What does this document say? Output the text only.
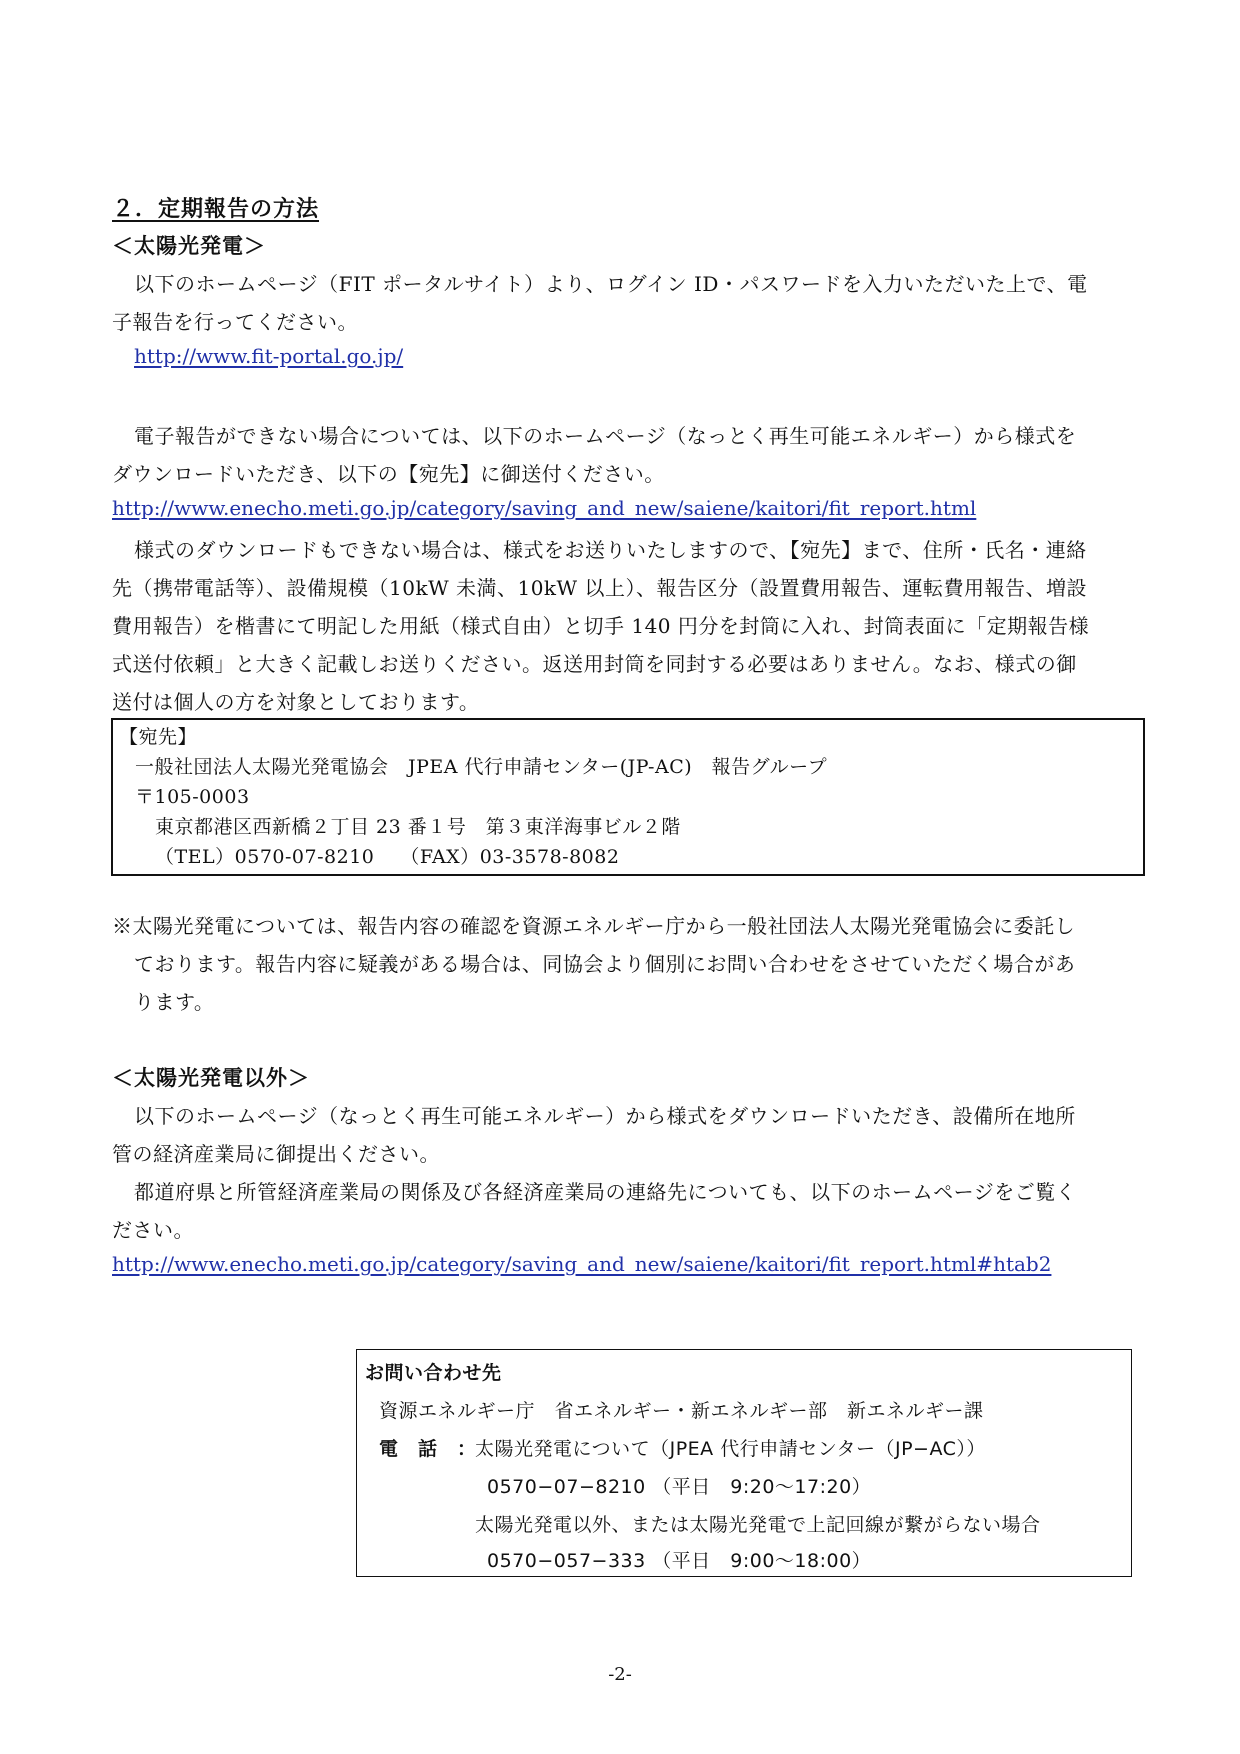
２．定期報告の方法
＜太陽光発電＞
以下のホームページ（FIT ポータルサイト）より、ログイン ID・パスワードを入力いただいた上で、電
子報告を行ってください。
http://www.fit-portal.go.jp/
電子報告ができない場合については、以下のホームページ（なっとく再生可能エネルギー）から様式を
ダウンロードいただき、以下の【宛先】に御送付ください。
http://www.enecho.meti.go.jp/category/saving_and_new/saiene/kaitori/fit_report.html
様式のダウンロードもできない場合は、様式をお送りいたしますので、【宛先】まで、住所・氏名・連絡
先（携帯電話等）、設備規模（10kW 未満、10kW 以上）、報告区分（設置費用報告、運転費用報告、増設
費用報告）を楷書にて明記した用紙（様式自由）と切手 140 円分を封筒に入れ、封筒表面に「定期報告様
式送付依頼」と大きく記載しお送りください。返送用封筒を同封する必要はありません。なお、様式の御
送付は個人の方を対象としております。
【宛先】
一般社団法人太陽光発電協会　JPEA 代行申請センター(JP-AC)　報告グループ
〒105-0003
東京都港区西新橋２丁目 23 番１号　第３東洋海事ビル２階
（TEL）0570-07-8210　 （FAX）03-3578-8082
※太陽光発電については、報告内容の確認を資源エネルギー庁から一般社団法人太陽光発電協会に委託し
ております。報告内容に疑義がある場合は、同協会より個別にお問い合わせをさせていただく場合があ
ります。
＜太陽光発電以外＞
以下のホームページ（なっとく再生可能エネルギー）から様式をダウンロードいただき、設備所在地所
管の経済産業局に御提出ください。
都道府県と所管経済産業局の関係及び各経済産業局の連絡先についても、以下のホームページをご覧く
ださい。
http://www.enecho.meti.go.jp/category/saving_and_new/saiene/kaitori/fit_report.html#htab2
お問い合わせ先
資源エネルギー庁　省エネルギー・新エネルギー部　新エネルギー課
電　話　：
太陽光発電について（JPEA 代行申請センター（JP−AC））
0570−07−8210 （平日　9:20〜17:20）
太陽光発電以外、または太陽光発電で上記回線が繋がらない場合
0570−057−333 （平日　9:00〜18:00）
-2-
